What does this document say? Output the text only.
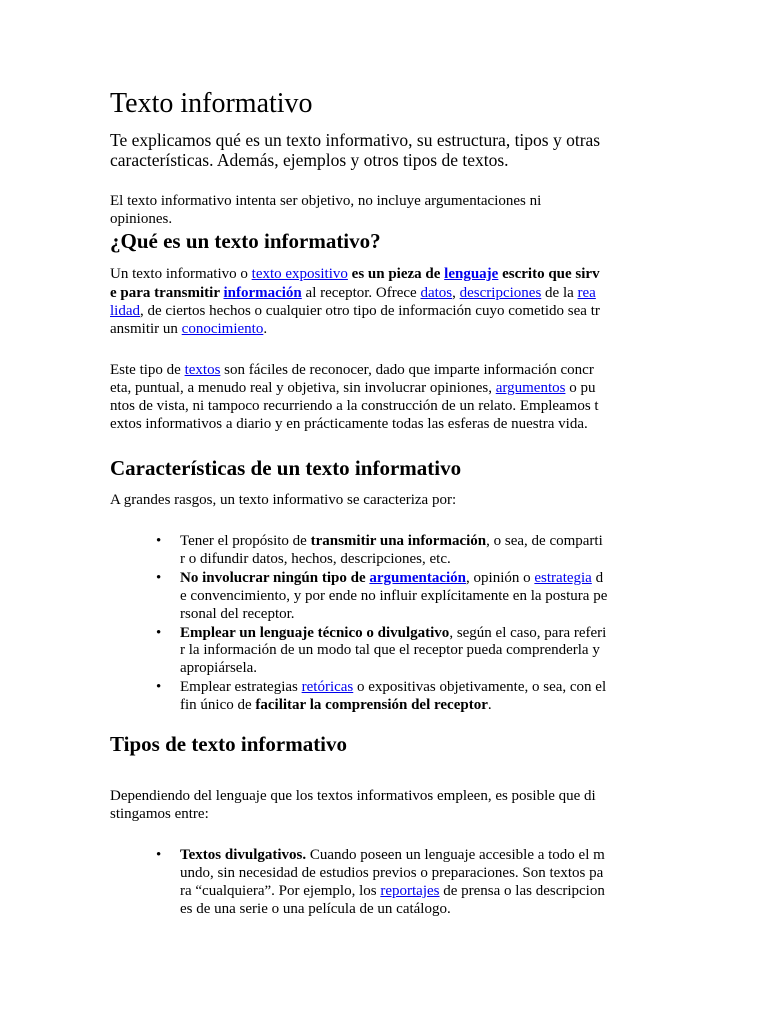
Texto informativo
Te explicamos qué es un texto informativo, su estructura, tipos y otras
características. Además, ejemplos y otros tipos de textos.
El texto informativo intenta ser objetivo, no incluye argumentaciones ni
opiniones.
¿Qué es un texto informativo?
Un texto informativo o texto expositivo es un pieza de lenguaje escrito que sirv
e para transmitir información al receptor. Ofrece datos, descripciones de la rea
lidad, de ciertos hechos o cualquier otro tipo de información cuyo cometido sea tr
ansmitir un conocimiento.
Este tipo de textos son fáciles de reconocer, dado que imparte información concr
eta, puntual, a menudo real y objetiva, sin involucrar opiniones, argumentos o pu
ntos de vista, ni tampoco recurriendo a la construcción de un relato. Empleamos t
extos informativos a diario y en prácticamente todas las esferas de nuestra vida.
Características de un texto informativo
A grandes rasgos, un texto informativo se caracteriza por:
• Tener el propósito de transmitir una información, o sea, de comparti
r o difundir datos, hechos, descripciones, etc.
• No involucrar ningún tipo de argumentación, opinión o estrategia d
e convencimiento, y por ende no influir explícitamente en la postura pe
rsonal del receptor.
• Emplear un lenguaje técnico o divulgativo, según el caso, para referi
r la información de un modo tal que el receptor pueda comprenderla y
apropiársela.
• Emplear estrategias retóricas o expositivas objetivamente, o sea, con el
fin único de facilitar la comprensión del receptor.
Tipos de texto informativo
Dependiendo del lenguaje que los textos informativos empleen, es posible que di
stingamos entre:
• Textos divulgativos. Cuando poseen un lenguaje accesible a todo el m
undo, sin necesidad de estudios previos o preparaciones. Son textos pa
ra “cualquiera”. Por ejemplo, los reportajes de prensa o las descripcion
es de una serie o una película de un catálogo.
